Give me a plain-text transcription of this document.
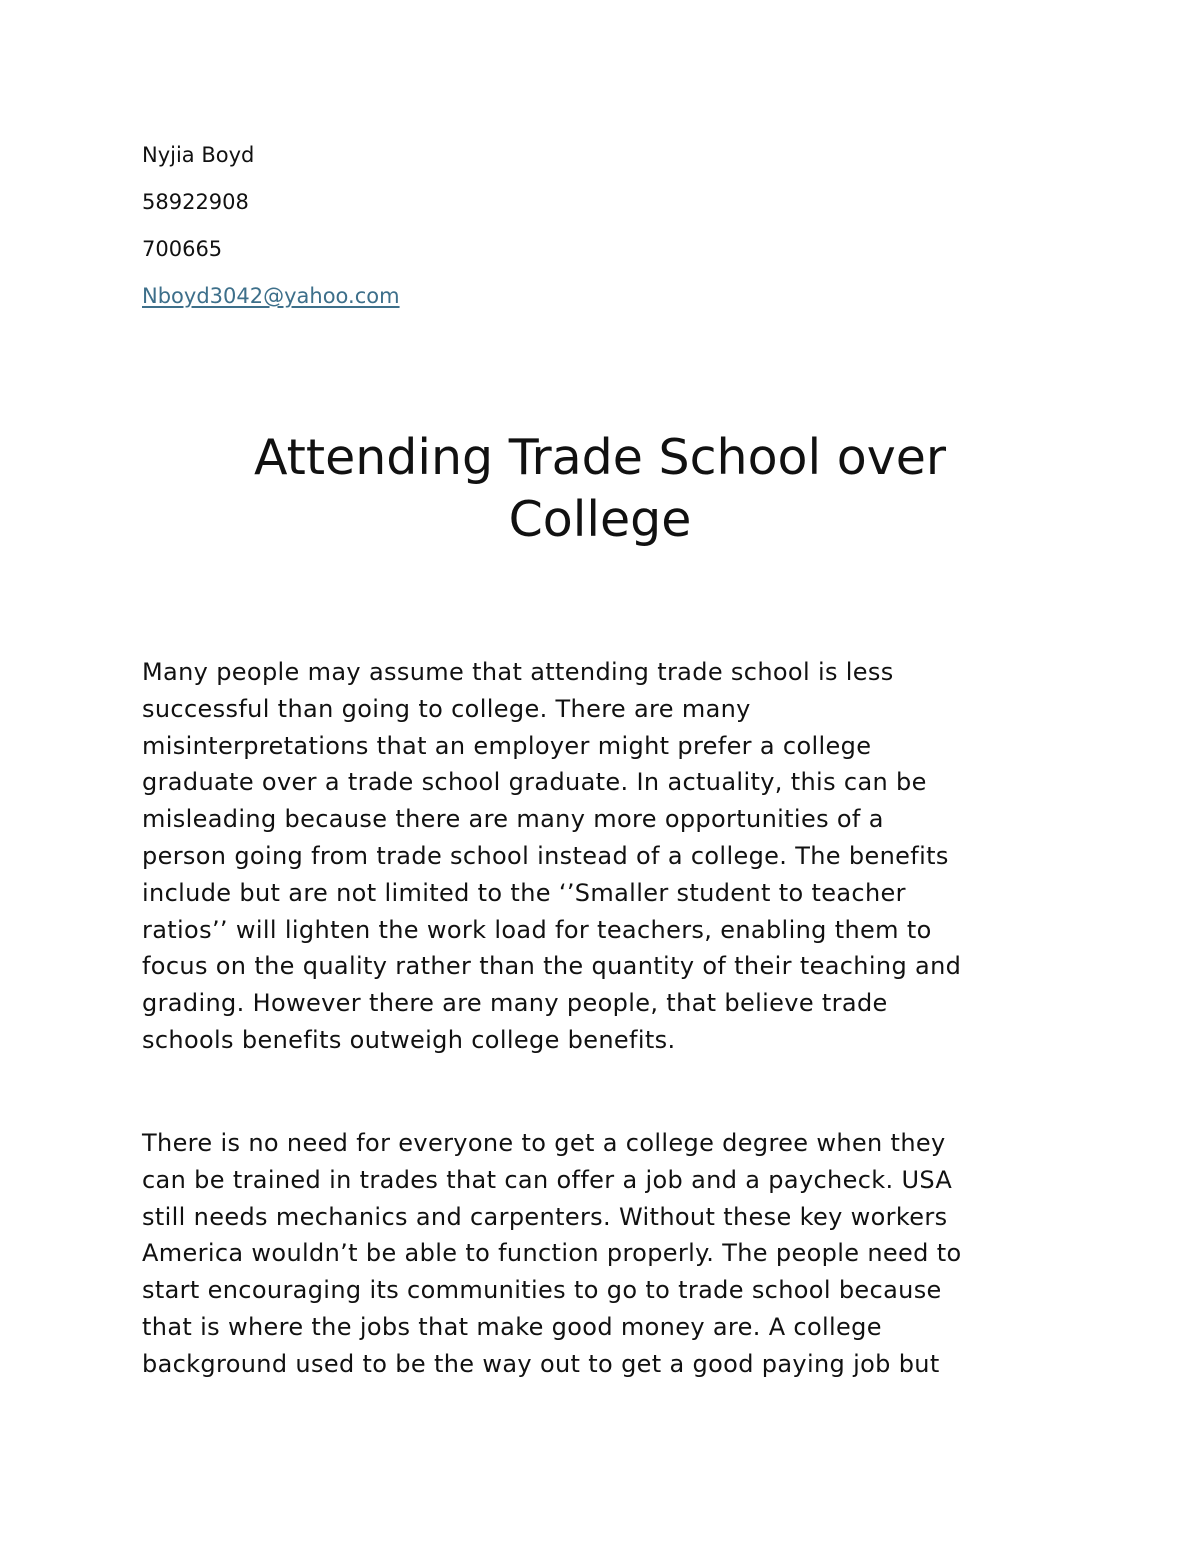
Nyjia Boyd
58922908
700665
Nboyd3042@yahoo.com
Attending Trade School over
College

Many people may assume that attending trade school is less
successful than going to college. There are many
misinterpretations that an employer might prefer a college
graduate over a trade school graduate. In actuality, this can be
misleading because there are many more opportunities of a
person going from trade school instead of a college. The benefits
include but are not limited to the ‘’Smaller student to teacher
ratios’’ will lighten the work load for teachers, enabling them to
focus on the quality rather than the quantity of their teaching and
grading. However there are many people, that believe trade
schools benefits outweigh college benefits.

There is no need for everyone to get a college degree when they
can be trained in trades that can offer a job and a paycheck. USA
still needs mechanics and carpenters. Without these key workers
America wouldn’t be able to function properly. The people need to
start encouraging its communities to go to trade school because
that is where the jobs that make good money are. A college
background used to be the way out to get a good paying job but
